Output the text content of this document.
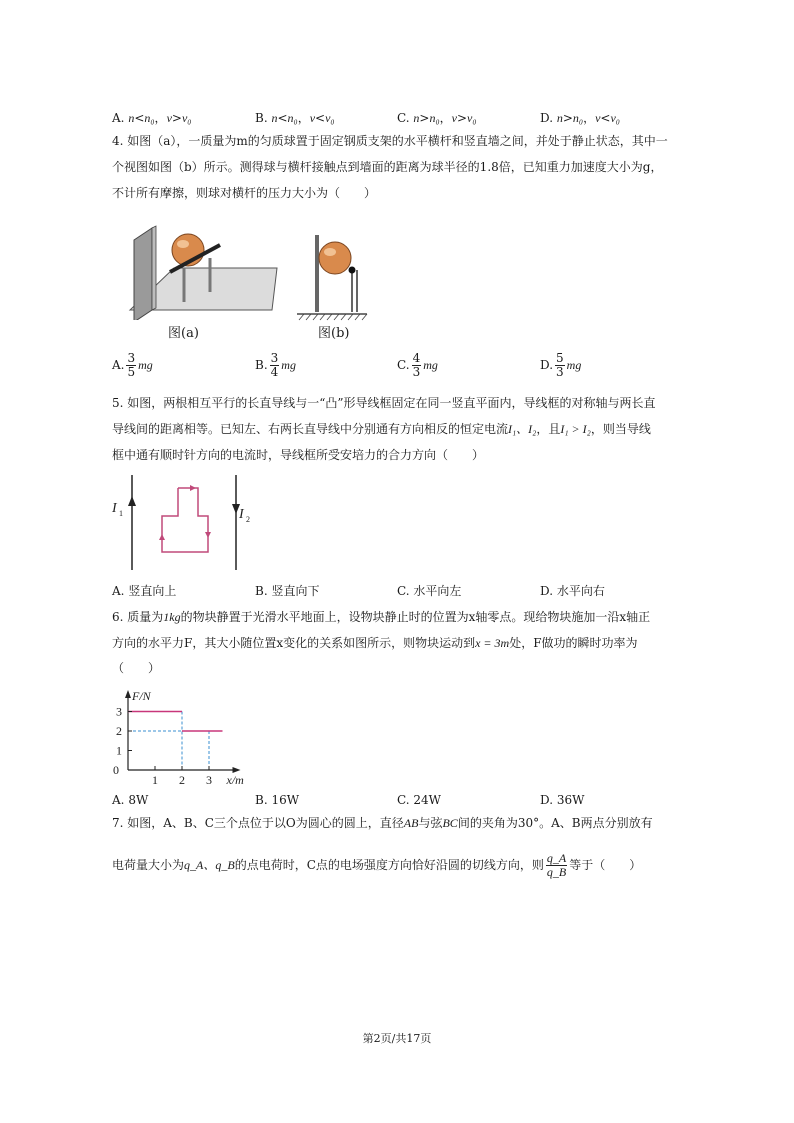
A. n<n₀，v>v₀	B. n<n₀，v<v₀	C. n>n₀，v>v₀	D. n>n₀，v<v₀
4. 如图（a），一质量为m的匀质球置于固定钢质支架的水平横杆和竖直墙之间，并处于静止状态，其中一
个视图如图（b）所示。测得球与横杆接触点到墙面的距离为球半径的1.8倍，已知重力加速度大小为g，
不计所有摩擦，则球对横杆的压力大小为（　　）
图(a)	图(b)
A. $\frac{3}{5}$ mg	B. $\frac{3}{4}$ mg	C. $\frac{4}{3}$ mg	D. $\frac{5}{3}$ mg
5. 如图，两根相互平行的长直导线与一“凸”形导线框固定在同一竖直平面内，导线框的对称轴与两长直
导线间的距离相等。已知左、右两长直导线中分别通有方向相反的恒定电流I₁、I₂，且I₁ > I₂，则当导线
框中通有顺时针方向的电流时，导线框所受安培力的合力方向（　　）
I 1	I 2
A. 竖直向上	B. 竖直向下	C. 水平向左	D. 水平向右
6. 质量为1kg的物块静置于光滑水平地面上，设物块静止时的位置为x轴零点。现给物块施加一沿x轴正
方向的水平力F，其大小随位置x变化的关系如图所示，则物块运动到x = 3m处，F做功的瞬时功率为
（　　）
1
2
3
0
1 2 3 x/m
F/N
A. 8W	B. 16W	C. 24W	D. 36W
7. 如图，A、B、C三个点位于以O为圆心的圆上，直径AB与弦BC间的夹角为30°。A、B两点分别放有
电荷量大小为q_A、q_B的点电荷时，C点的电场强度方向恰好沿圆的切线方向，则 $\frac{q\_A}{q\_B}$ 等于（　　）
第2页/共17页
